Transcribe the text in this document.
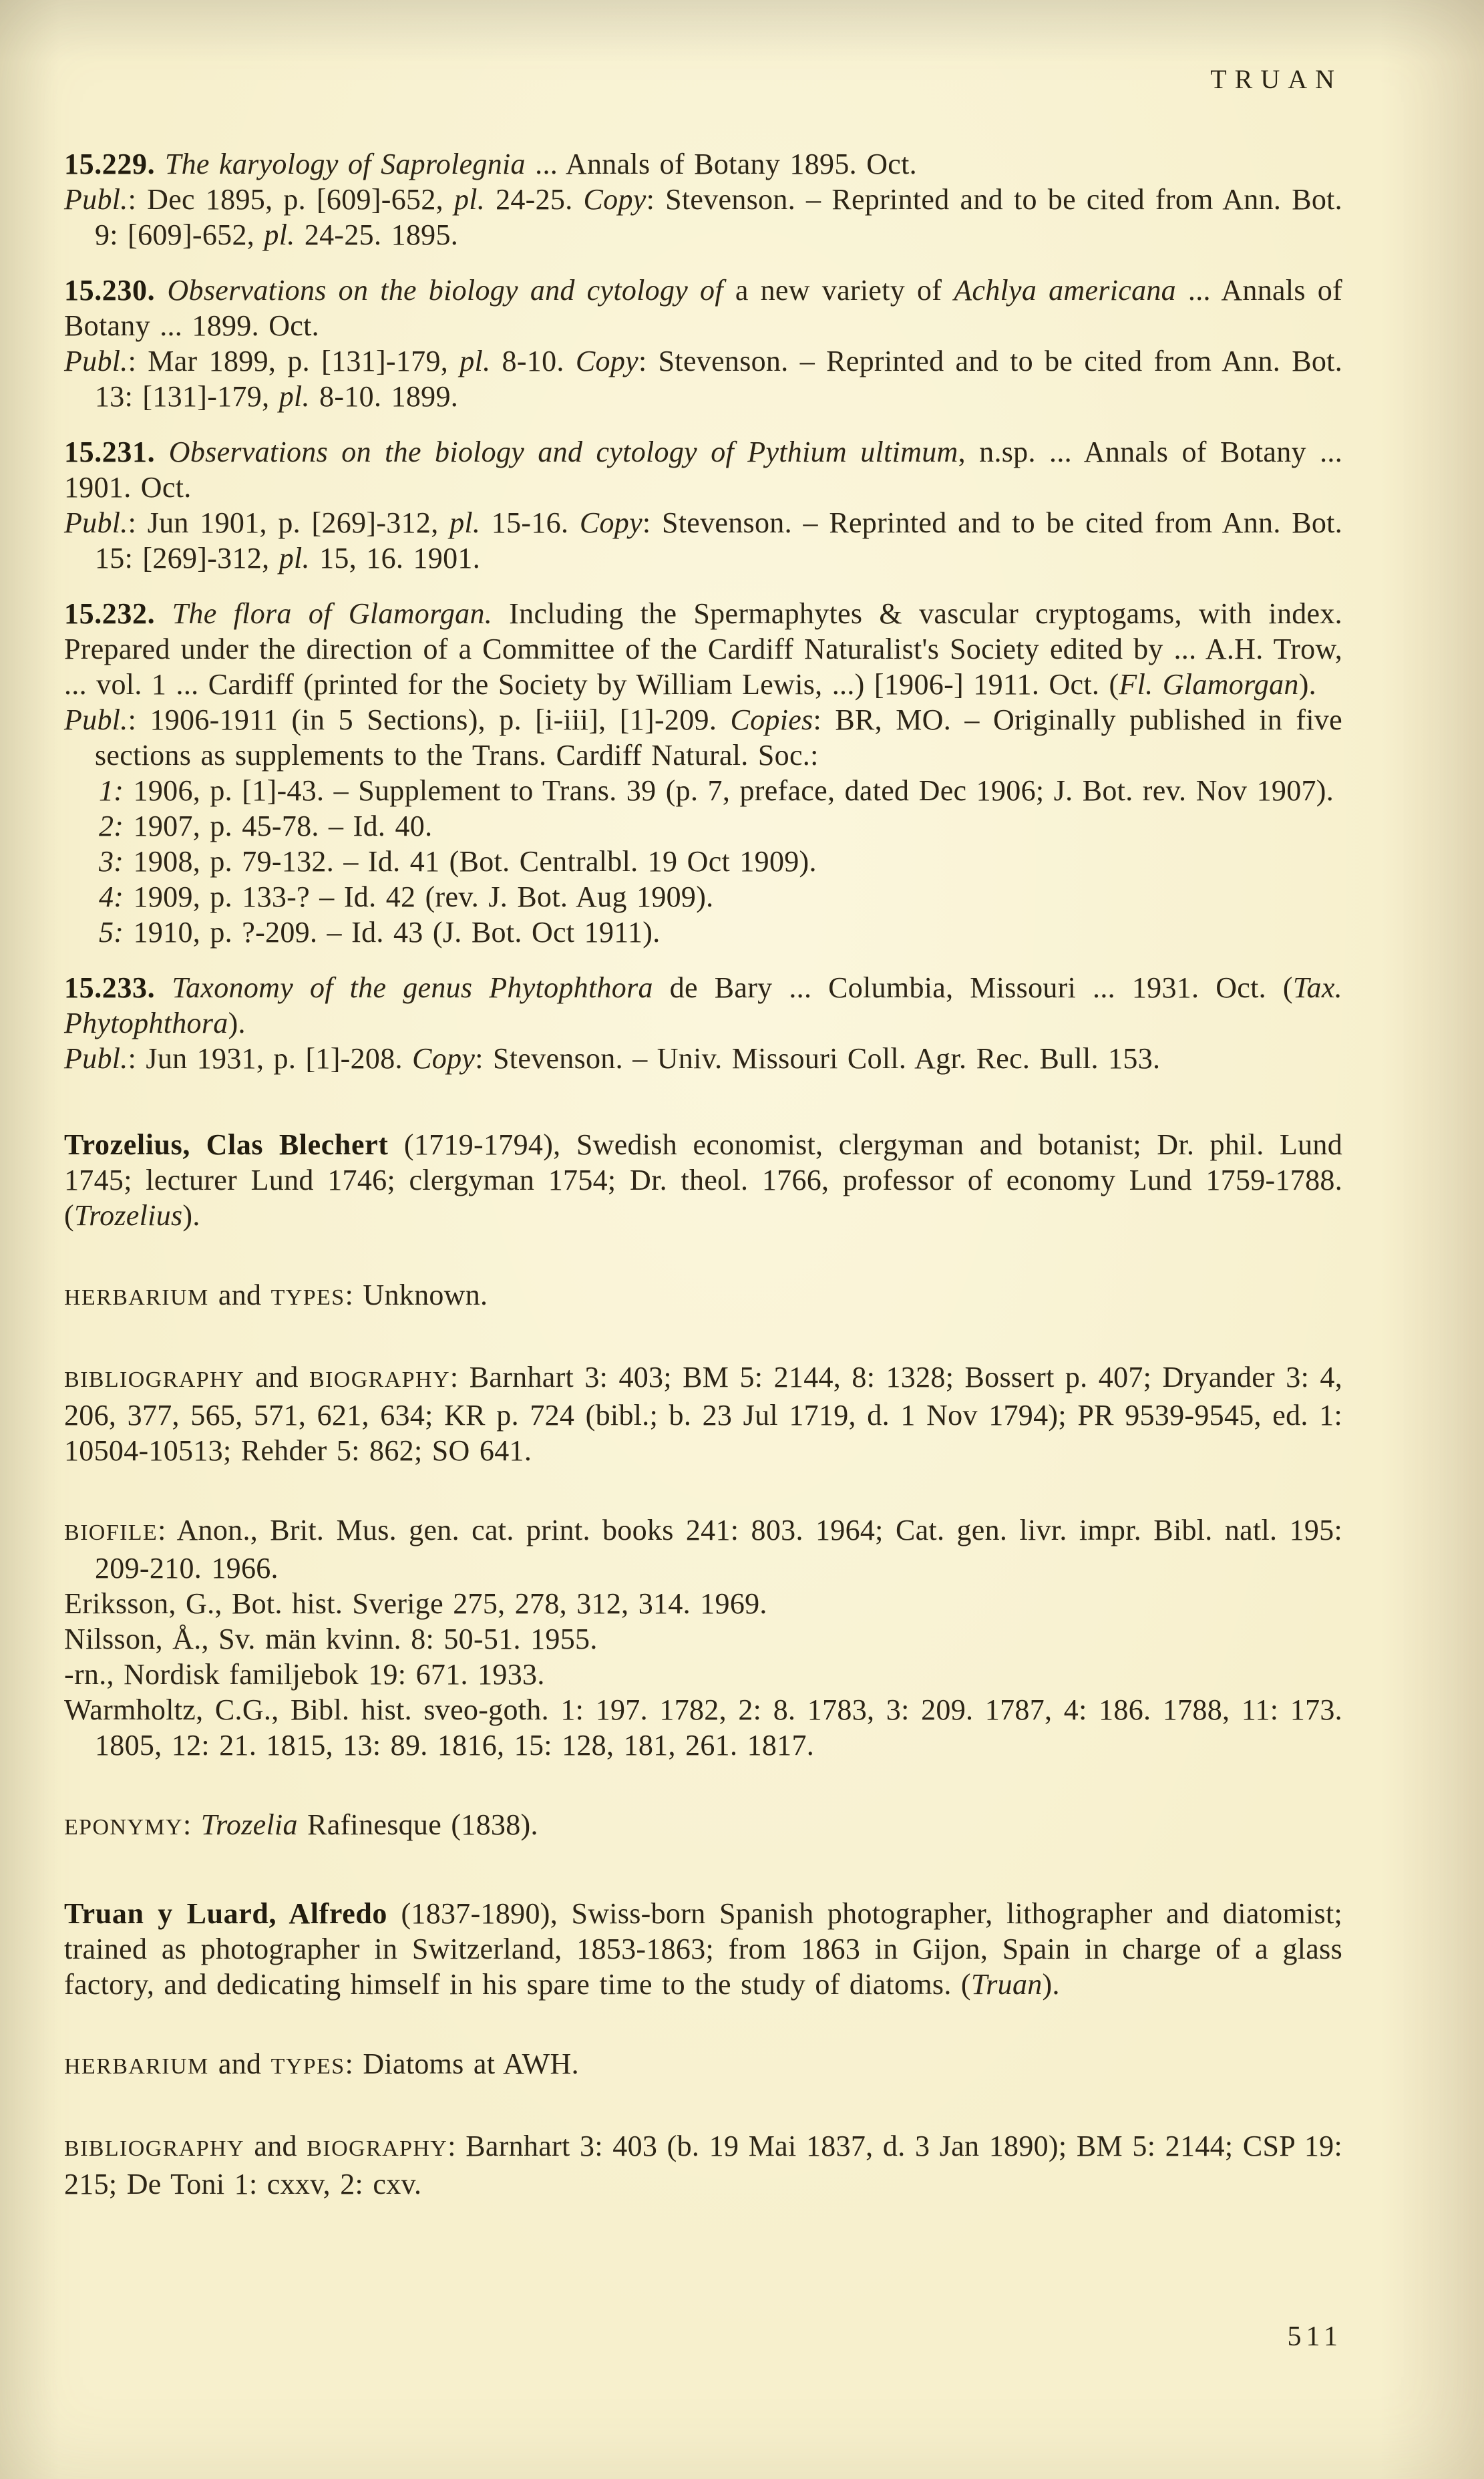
TRUAN
15.229. The karyology of Saprolegnia ... Annals of Botany 1895. Oct.
Publ.: Dec 1895, p. [609]-652, pl. 24-25. Copy: Stevenson. – Reprinted and to be cited from Ann. Bot. 9: [609]-652, pl. 24-25. 1895.
15.230. Observations on the biology and cytology of a new variety of Achlya americana ... Annals of Botany ... 1899. Oct.
Publ.: Mar 1899, p. [131]-179, pl. 8-10. Copy: Stevenson. – Reprinted and to be cited from Ann. Bot. 13: [131]-179, pl. 8-10. 1899.
15.231. Observations on the biology and cytology of Pythium ultimum, n.sp. ... Annals of Botany ... 1901. Oct.
Publ.: Jun 1901, p. [269]-312, pl. 15-16. Copy: Stevenson. – Reprinted and to be cited from Ann. Bot. 15: [269]-312, pl. 15, 16. 1901.
15.232. The flora of Glamorgan. Including the Spermaphytes & vascular cryptogams, with index. Prepared under the direction of a Committee of the Cardiff Naturalist's Society edited by ... A.H. Trow, ... vol. 1 ... Cardiff (printed for the Society by William Lewis, ...) [1906-] 1911. Oct. (Fl. Glamorgan).
Publ.: 1906-1911 (in 5 Sections), p. [i-iii], [1]-209. Copies: BR, MO. – Originally published in five sections as supplements to the Trans. Cardiff Natural. Soc.:
1: 1906, p. [1]-43. – Supplement to Trans. 39 (p. 7, preface, dated Dec 1906; J. Bot. rev. Nov 1907).
2: 1907, p. 45-78. – Id. 40.
3: 1908, p. 79-132. – Id. 41 (Bot. Centralbl. 19 Oct 1909).
4: 1909, p. 133-? – Id. 42 (rev. J. Bot. Aug 1909).
5: 1910, p. ?-209. – Id. 43 (J. Bot. Oct 1911).
15.233. Taxonomy of the genus Phytophthora de Bary ... Columbia, Missouri ... 1931. Oct. (Tax. Phytophthora).
Publ.: Jun 1931, p. [1]-208. Copy: Stevenson. – Univ. Missouri Coll. Agr. Rec. Bull. 153.
Trozelius, Clas Blechert (1719-1794), Swedish economist, clergyman and botanist; Dr. phil. Lund 1745; lecturer Lund 1746; clergyman 1754; Dr. theol. 1766, professor of economy Lund 1759-1788. (Trozelius).
HERBARIUM and TYPES: Unknown.
BIBLIOGRAPHY and BIOGRAPHY: Barnhart 3: 403; BM 5: 2144, 8: 1328; Bossert p. 407; Dryander 3: 4, 206, 377, 565, 571, 621, 634; KR p. 724 (bibl.; b. 23 Jul 1719, d. 1 Nov 1794); PR 9539-9545, ed. 1: 10504-10513; Rehder 5: 862; SO 641.
BIOFILE: Anon., Brit. Mus. gen. cat. print. books 241: 803. 1964; Cat. gen. livr. impr. Bibl. natl. 195: 209-210. 1966.
Eriksson, G., Bot. hist. Sverige 275, 278, 312, 314. 1969.
Nilsson, Å., Sv. män kvinn. 8: 50-51. 1955.
-rn., Nordisk familjebok 19: 671. 1933.
Warmholtz, C.G., Bibl. hist. sveo-goth. 1: 197. 1782, 2: 8. 1783, 3: 209. 1787, 4: 186. 1788, 11: 173. 1805, 12: 21. 1815, 13: 89. 1816, 15: 128, 181, 261. 1817.
EPONYMY: Trozelia Rafinesque (1838).
Truan y Luard, Alfredo (1837-1890), Swiss-born Spanish photographer, lithographer and diatomist; trained as photographer in Switzerland, 1853-1863; from 1863 in Gijon, Spain in charge of a glass factory, and dedicating himself in his spare time to the study of diatoms. (Truan).
HERBARIUM and TYPES: Diatoms at AWH.
BIBLIOGRAPHY and BIOGRAPHY: Barnhart 3: 403 (b. 19 Mai 1837, d. 3 Jan 1890); BM 5: 2144; CSP 19: 215; De Toni 1: cxxv, 2: cxv.
511
